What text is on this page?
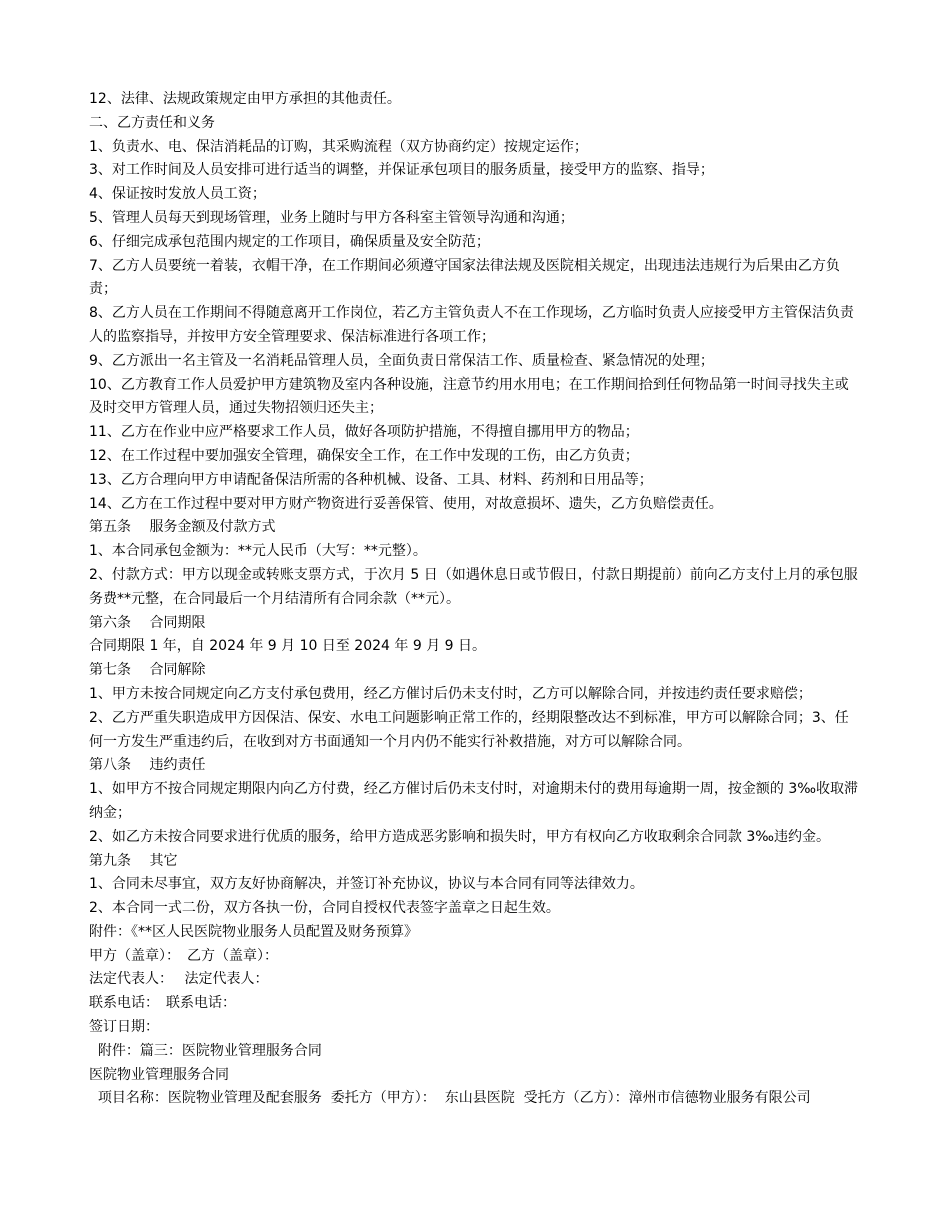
12、法律、法规政策规定由甲方承担的其他责任。

二、乙方责任和义务

1、负责水、电、保洁消耗品的订购，其采购流程（双方协商约定）按规定运作；

3、对工作时间及人员安排可进行适当的调整，并保证承包项目的服务质量，接受甲方的监察、指导；

4、保证按时发放人员工资；

5、管理人员每天到现场管理，业务上随时与甲方各科室主管领导沟通和沟通；

6、仔细完成承包范围内规定的工作项目，确保质量及安全防范；

7、乙方人员要统一着装，衣帽干净，在工作期间必须遵守国家法律法规及医院相关规定，出现违法违规行为后果由乙方负责；

8、乙方人员在工作期间不得随意离开工作岗位，若乙方主管负责人不在工作现场，乙方临时负责人应接受甲方主管保洁负责人的监察指导，并按甲方安全管理要求、保洁标准进行各项工作；

9、乙方派出一名主管及一名消耗品管理人员，全面负责日常保洁工作、质量检查、紧急情况的处理；

10、乙方教育工作人员爱护甲方建筑物及室内各种设施，注意节约用水用电；在工作期间拾到任何物品第一时间寻找失主或及时交甲方管理人员，通过失物招领归还失主；

11、乙方在作业中应严格要求工作人员，做好各项防护措施，不得擅自挪用甲方的物品；

12、在工作过程中要加强安全管理，确保安全工作，在工作中发现的工伤，由乙方负责；

13、乙方合理向甲方申请配备保洁所需的各种机械、设备、工具、材料、药剂和日用品等；

14、乙方在工作过程中要对甲方财产物资进行妥善保管、使用，对故意损坏、遗失，乙方负赔偿责任。

第五条　 服务金额及付款方式

1、本合同承包金额为：**元人民币（大写：**元整）。

2、付款方式：甲方以现金或转账支票方式，于次月 5 日（如遇休息日或节假日，付款日期提前）前向乙方支付上月的承包服务费**元整，在合同最后一个月结清所有合同余款（**元）。

第六条　 合同期限

合同期限 1 年，自 2024 年 9 月 10 日至 2024 年 9 月 9 日。

第七条　 合同解除

1、甲方未按合同规定向乙方支付承包费用，经乙方催讨后仍未支付时，乙方可以解除合同，并按违约责任要求赔偿；

2、乙方严重失职造成甲方因保洁、保安、水电工问题影响正常工作的，经期限整改达不到标准，甲方可以解除合同；3、任何一方发生严重违约后，在收到对方书面通知一个月内仍不能实行补救措施，对方可以解除合同。

第八条　 违约责任

1、如甲方不按合同规定期限内向乙方付费，经乙方催讨后仍未支付时，对逾期未付的费用每逾期一周，按金额的 3‰收取滞纳金；

2、如乙方未按合同要求进行优质的服务，给甲方造成恶劣影响和损失时，甲方有权向乙方收取剩余合同款 3‰违约金。

第九条　 其它

1、合同未尽事宜，双方友好协商解决，并签订补充协议，协议与本合同有同等法律效力。

2、本合同一式二份，双方各执一份，合同自授权代表签字盖章之日起生效。

附件：《**区人民医院物业服务人员配置及财务预算》

甲方（盖章）：　乙方（盖章）：

法定代表人：　 法定代表人：

联系电话：　联系电话：

签订日期：

附件：篇三：医院物业管理服务合同

医院物业管理服务合同

项目名称：医院物业管理及配套服务  委托方（甲方）：  东山县医院  受托方（乙方）：漳州市信德物业服务有限公司
